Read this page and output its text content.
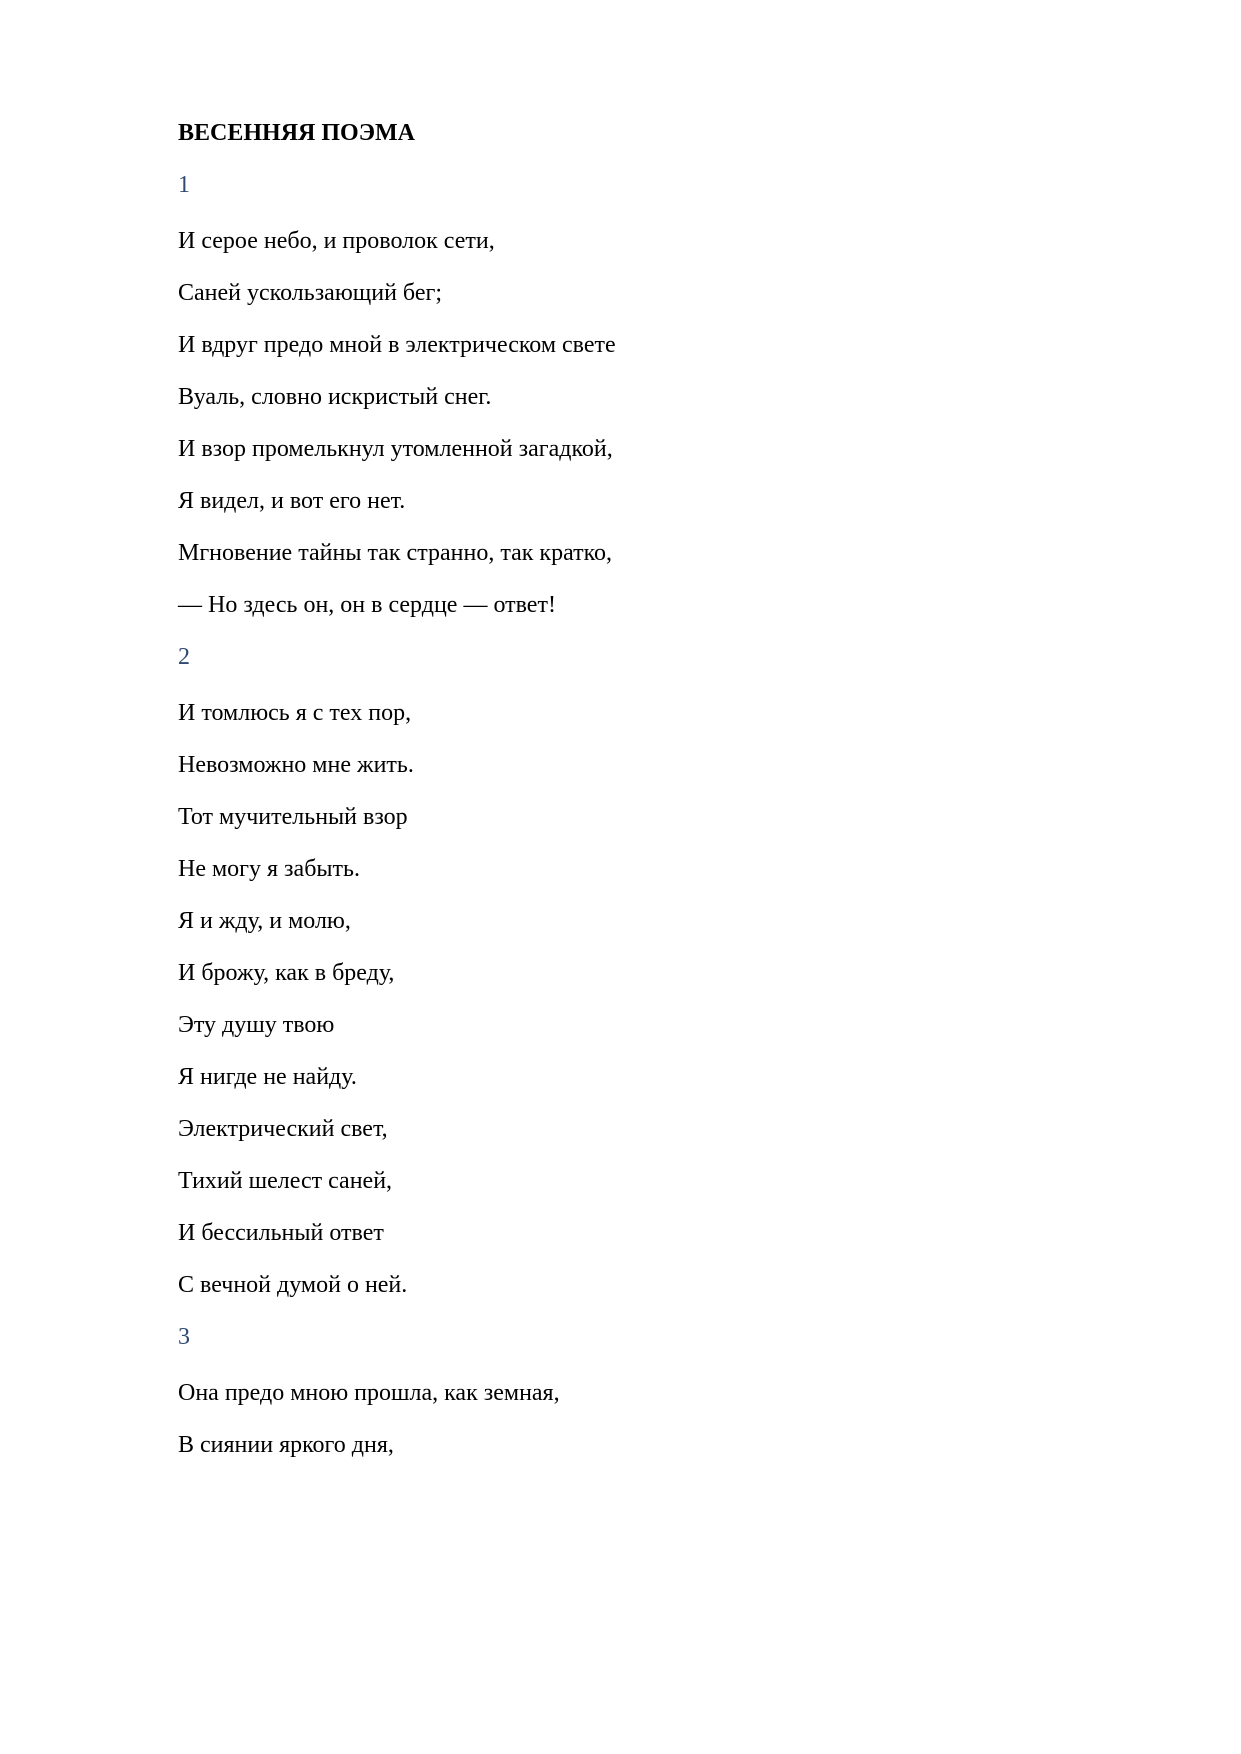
ВЕСЕННЯЯ ПОЭМА

1

И серое небо, и проволок сети,

Саней ускользающий бег;

И вдруг предо мной в электрическом свете

Вуаль, словно искристый снег.

И взор промелькнул утомленной загадкой,

Я видел, и вот его нет.

Мгновение тайны так странно, так кратко,

— Но здесь он, он в сердце — ответ!

2

И томлюсь я с тех пор,

Невозможно мне жить.

Тот мучительный взор

Не могу я забыть.

Я и жду, и молю,

И брожу, как в бреду,

Эту душу твою

Я нигде не найду.

Электрический свет,

Тихий шелест саней,

И бессильный ответ

С вечной думой о ней.

3

Она предо мною прошла, как земная,

В сиянии яркого дня,
